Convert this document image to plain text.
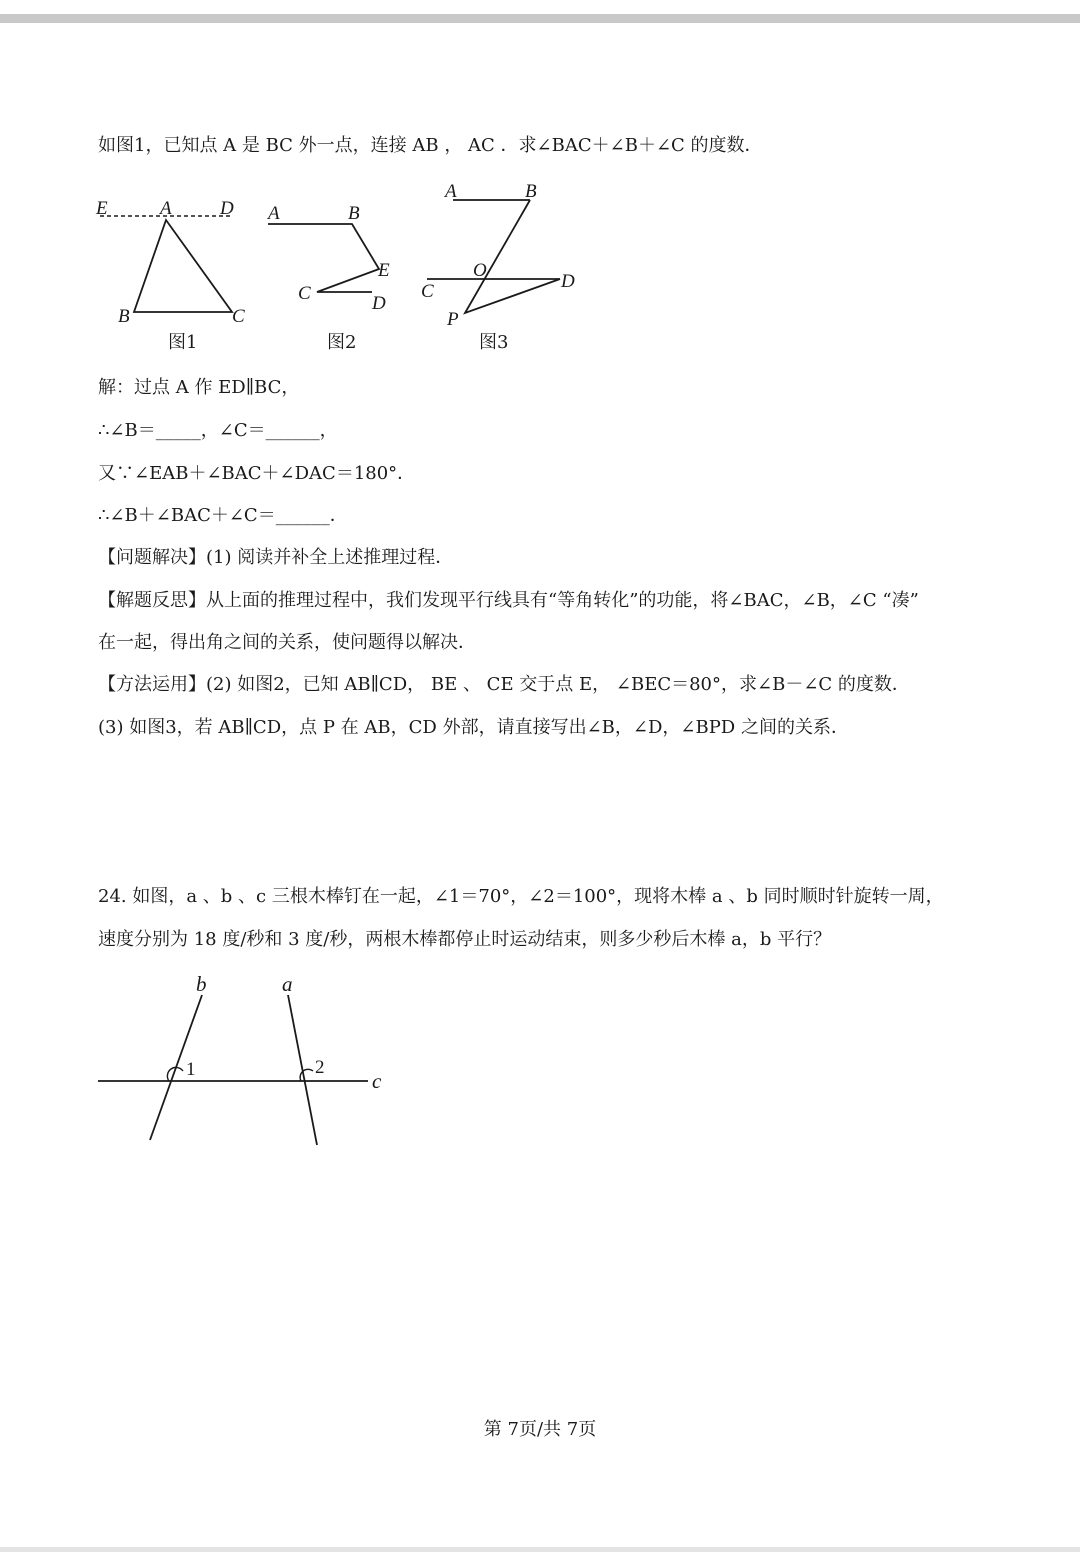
如图1，已知点 A 是 BC 外一点，连接 AB ， AC ．求∠BAC＋∠B＋∠C 的度数．
E	A	D
B	C
图1
A	B
E
C	D
图2
A	B
O
C	D
P
图3
解：过点 A 作 ED∥BC，
∴∠B＝_____，∠C＝______，
又∵∠EAB＋∠BAC＋∠DAC＝180°．
∴∠B＋∠BAC＋∠C＝______．
【问题解决】(1) 阅读并补全上述推理过程．
【解题反思】从上面的推理过程中，我们发现平行线具有“等角转化”的功能，将∠BAC，∠B，∠C “凑”
在一起，得出角之间的关系，使问题得以解决．
【方法运用】(2) 如图2，已知 AB∥CD， BE 、 CE 交于点 E， ∠BEC＝80°，求∠B－∠C 的度数．
(3) 如图3，若 AB∥CD，点 P 在 AB，CD 外部，请直接写出∠B，∠D，∠BPD 之间的关系．
24. 如图，a 、b 、c 三根木棒钉在一起，∠1＝70°，∠2＝100°，现将木棒 a 、b 同时顺时针旋转一周，
速度分别为 18 度/秒和 3 度/秒，两根木棒都停止时运动结束，则多少秒后木棒 a，b 平行？
b	a
c
1	2
第 7页/共 7页
